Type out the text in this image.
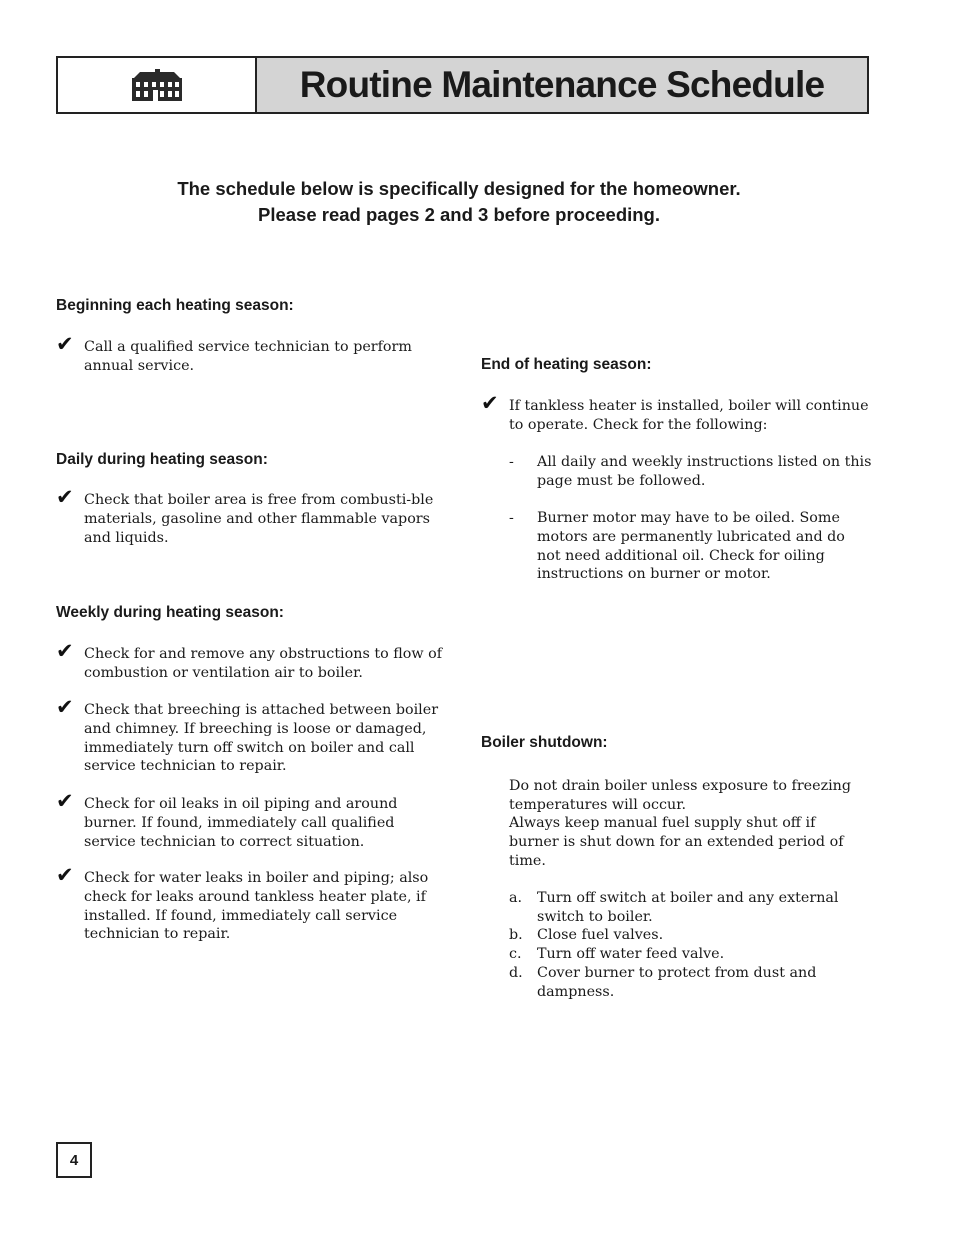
Routine Maintenance Schedule
The schedule below is specifically designed for the homeowner.
Please read pages 2 and 3 before proceeding.
Beginning each heating season:
✔ Call a qualified service technician to perform annual service.
Daily during heating season:
✔ Check that boiler area is free from combusti-ble materials, gasoline and other flammable vapors and liquids.
Weekly during heating season:
✔ Check for and remove any obstructions to flow of combustion or ventilation air to boiler.
✔ Check that breeching is attached between boiler and chimney. If breeching is loose or damaged, immediately turn off switch on boiler and call service technician to repair.
✔ Check for oil leaks in oil piping and around burner. If found, immediately call qualified service technician to correct situation.
✔ Check for water leaks in boiler and piping; also check for leaks around tankless heater plate, if installed. If found, immediately call service technician to repair.
End of heating season:
✔ If tankless heater is installed, boiler will continue to operate. Check for the following:
- All daily and weekly instructions listed on this page must be followed.
- Burner motor may have to be oiled. Some motors are permanently lubricated and do not need additional oil. Check for oiling instructions on burner or motor.
Boiler shutdown:
Do not drain boiler unless exposure to freezing temperatures will occur.
Always keep manual fuel supply shut off if burner is shut down for an extended period of time.
a. Turn off switch at boiler and any external switch to boiler.
b. Close fuel valves.
c. Turn off water feed valve.
d. Cover burner to protect from dust and dampness.
4
